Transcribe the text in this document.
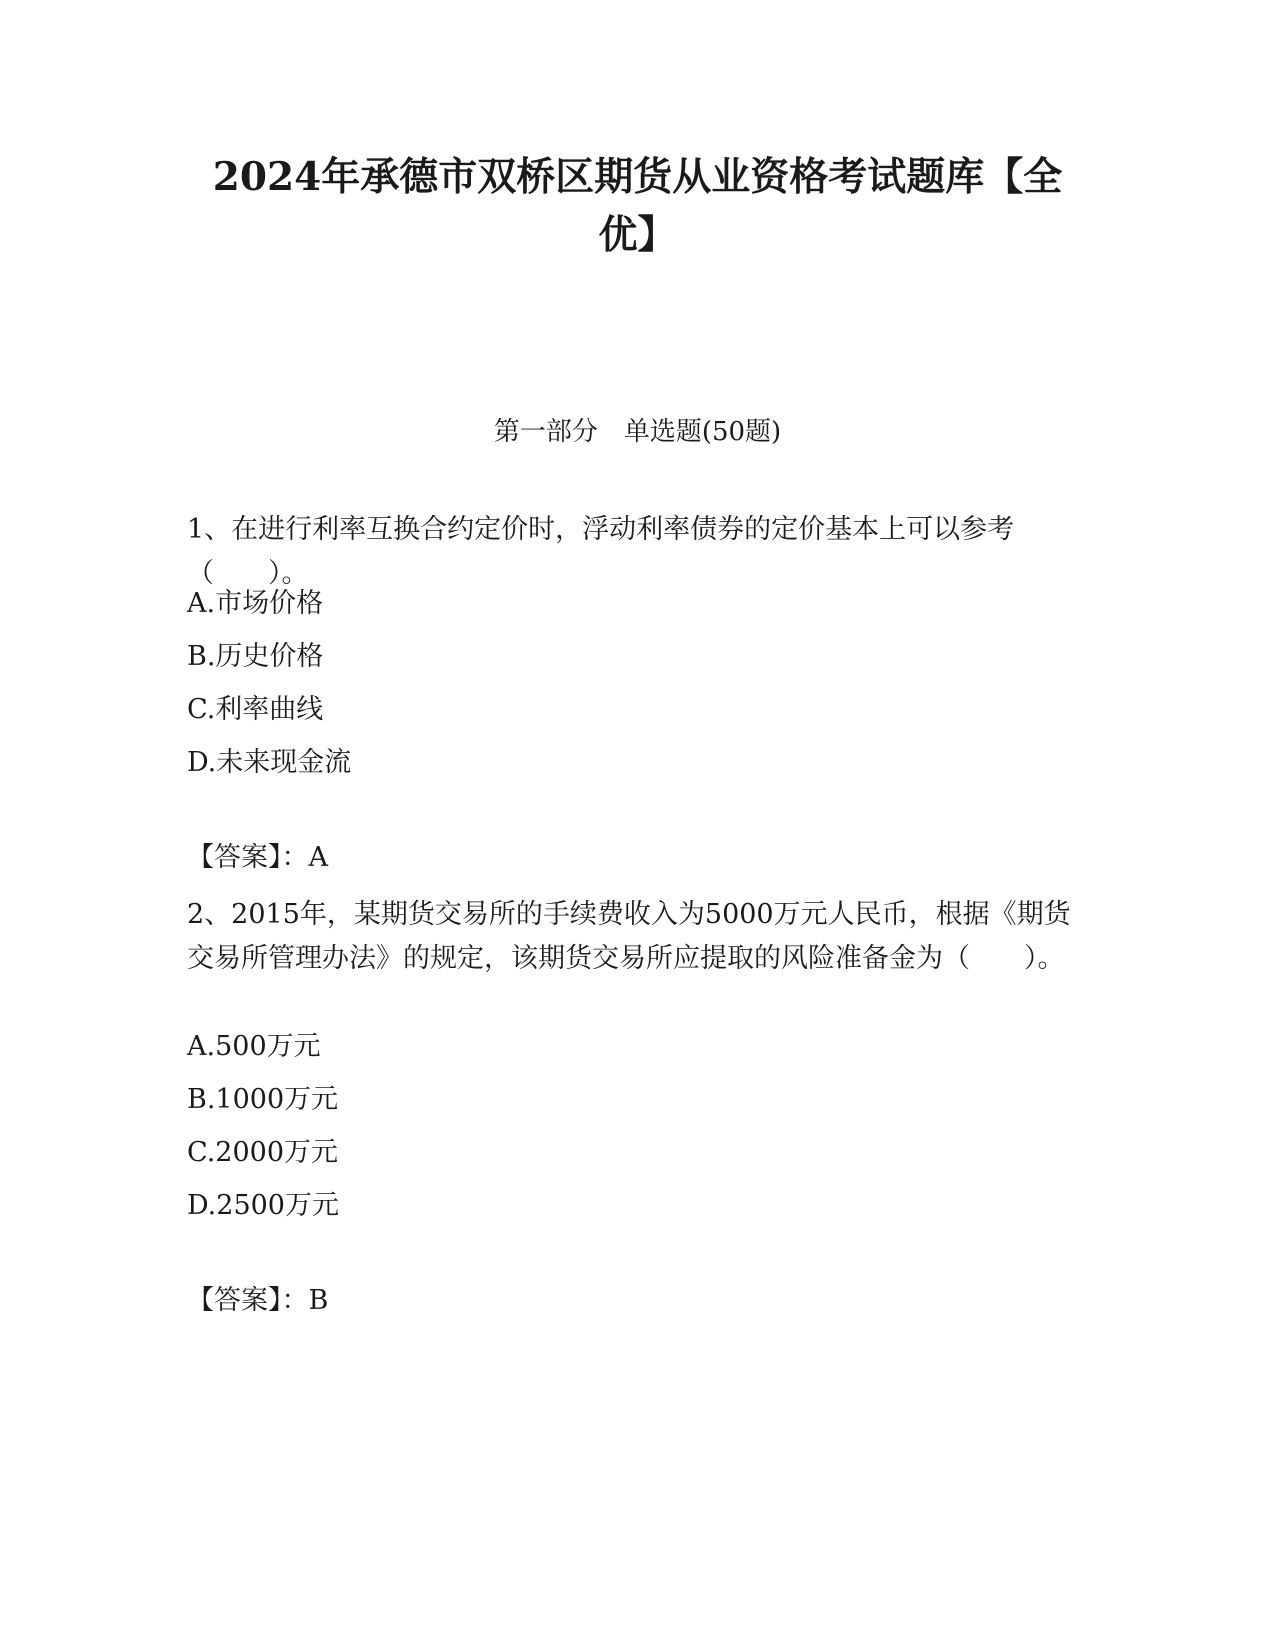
2024年承德市双桥区期货从业资格考试题库【全优】
第一部分　单选题(50题)

1、在进行利率互换合约定价时，浮动利率债券的定价基本上可以参考（　　）。

A.市场价格
B.历史价格
C.利率曲线
D.未来现金流
【答案】：A

2、2015年，某期货交易所的手续费收入为5000万元人民币，根据《期货交易所管理办法》的规定，该期货交易所应提取的风险准备金为（　　）。

A.500万元
B.1000万元
C.2000万元
D.2500万元
【答案】：B
